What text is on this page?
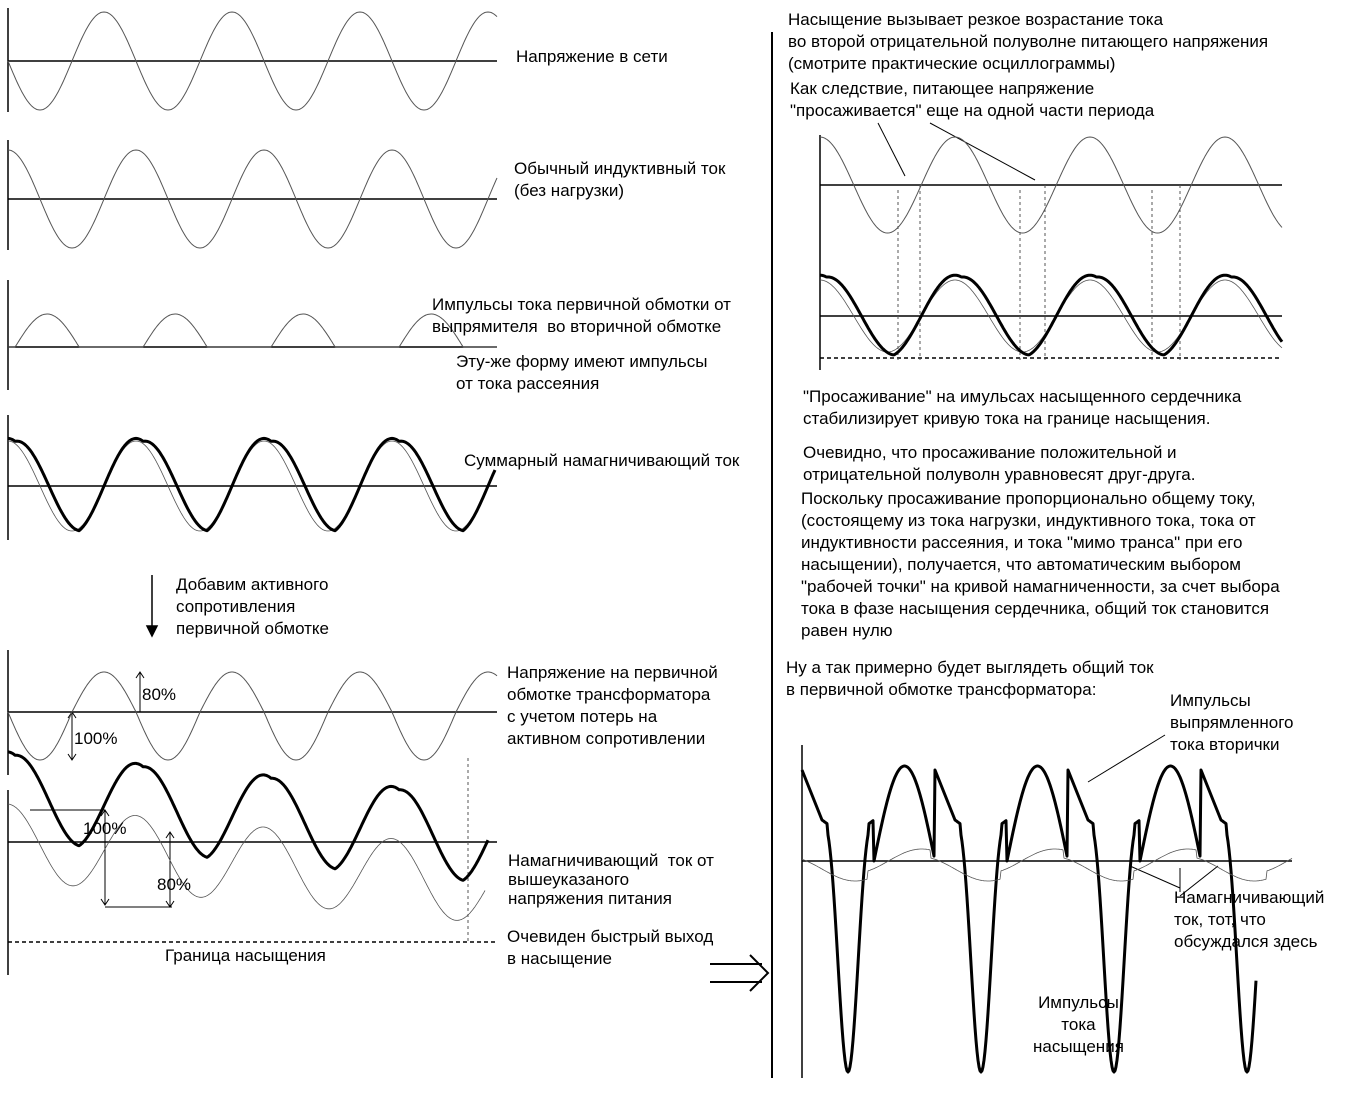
Напряжение в сети
Обычный индуктивный ток
(без нагрузки)
Импульсы тока первичной обмотки от
выпрямителя  во вторичной обмотке
Эту-же форму имеют импульсы
от тока рассеяния
Суммарный намагничивающий ток
Добавим активного
сопротивления
первичной обмотке
Напряжение на первичной
обмотке трансформатора
с учетом потерь на
активном сопротивлении
80%
100%
100%
80%
Намагничивающий  ток от
вышеуказаного
напряжения питания
Граница насыщения
Очевиден быстрый выход
в насыщение
Насыщение вызывает резкое возрастание тока
во второй отрицательной полуволне питающего напряжения
(смотрите практические осциллограммы)
Как следствие, питающее напряжение
"просаживается" еще на одной части периода
"Просаживание" на имульсах насыщенного сердечника
стабилизирует кривую тока на границе насыщения.
Очевидно, что просаживание положительной и
отрицательной полуволн уравновесят друг-друга.
Поскольку просаживание пропорционально общему току,
(состоящему из тока нагрузки, индуктивного тока, тока от
индуктивности рассеяния, и тока "мимо транса" при его
насыщении), получается, что автоматическим выбором
"рабочей точки" на кривой намагниченности, за счет выбора
тока в фазе насыщения сердечника, общий ток становится
равен нулю
Ну а так примерно будет выглядеть общий ток
в первичной обмотке трансформатора:
Импульсы
выпрямленного
тока вторички
Намагничивающий
ток, тот, что
обсуждался здесь
Импульсы
тока
насыщения
